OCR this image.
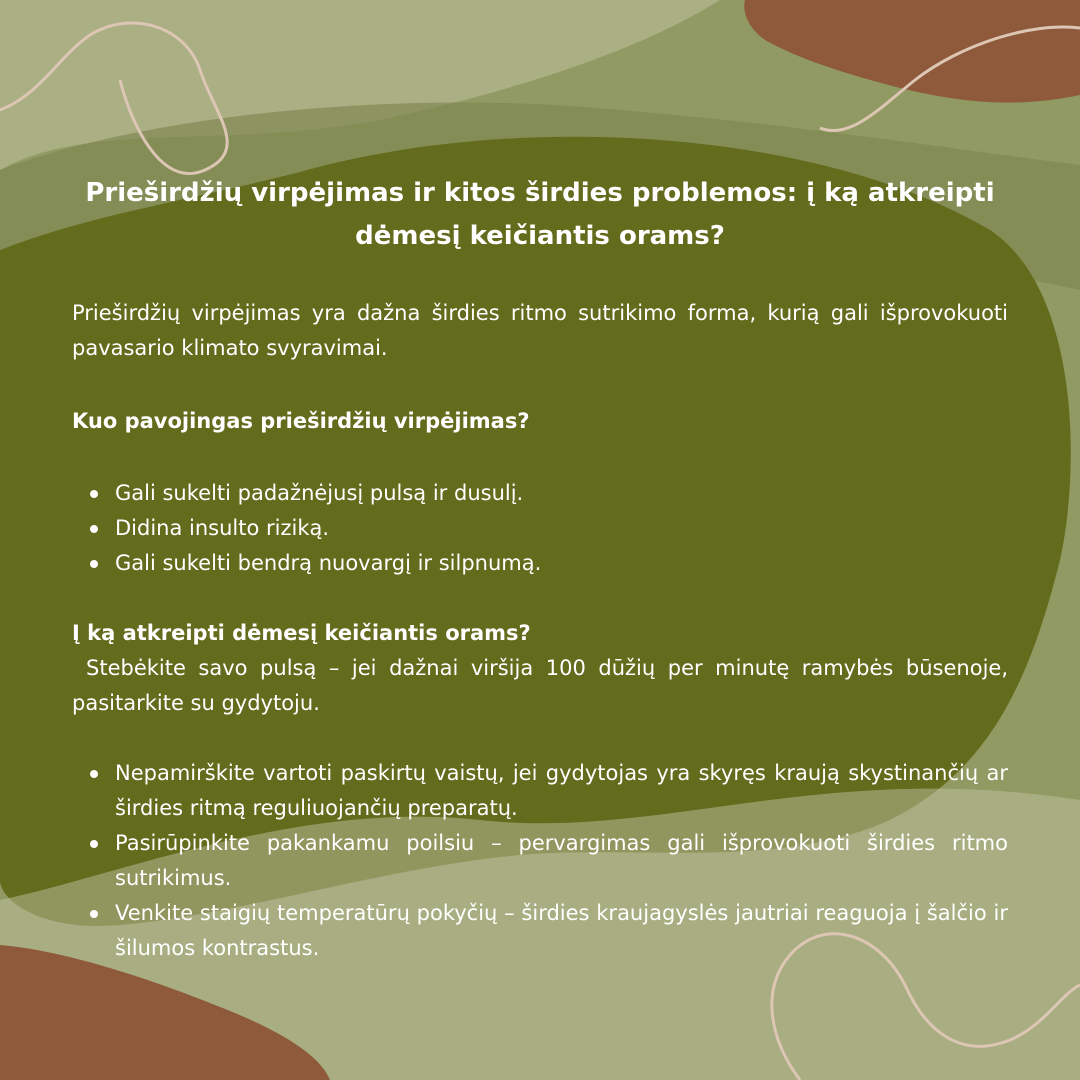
Prieširdžių virpėjimas ir kitos širdies problemos: į ką atkreipti dėmesį keičiantis orams?

Prieširdžių virpėjimas yra dažna širdies ritmo sutrikimo forma, kurią gali išprovokuoti pavasario klimato svyravimai.

Kuo pavojingas prieširdžių virpėjimas?
Gali sukelti padažnėjusį pulsą ir dusulį.
Didina insulto riziką.
Gali sukelti bendrą nuovargį ir silpnumą.
Į ką atkreipti dėmesį keičiantis orams?

Stebėkite savo pulsą – jei dažnai viršija 100 dūžių per minutę ramybės būsenoje, pasitarkite su gydytoju.

Nepamirškite vartoti paskirtų vaistų, jei gydytojas yra skyręs kraują skystinančių ar širdies ritmą reguliuojančių preparatų.
Pasirūpinkite pakankamu poilsiu – pervargimas gali išprovokuoti širdies ritmo sutrikimus.
Venkite staigių temperatūrų pokyčių – širdies kraujagyslės jautriai reaguoja į šalčio ir šilumos kontrastus.
